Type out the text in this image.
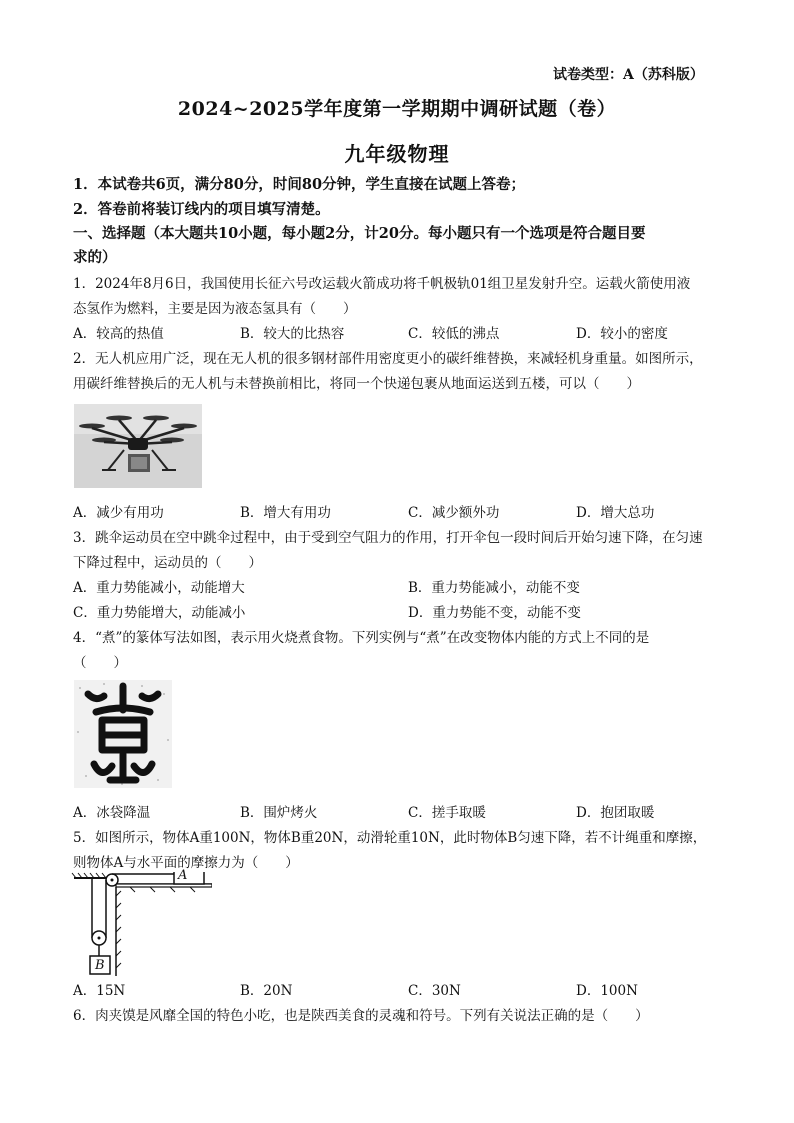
试卷类型：A（苏科版）
2024~2025学年度第一学期期中调研试题（卷）
九年级物理
1．本试卷共6页，满分80分，时间80分钟，学生直接在试题上答卷；
2．答卷前将装订线内的项目填写清楚。
一、选择题（本大题共10小题，每小题2分，计20分。每小题只有一个选项是符合题目要
求的）
1．2024年8月6日，我国使用长征六号改运载火箭成功将千帆极轨01组卫星发射升空。运载火箭使用液
态氢作为燃料，主要是因为液态氢具有（　　）
A．较高的热值	B．较大的比热容	C．较低的沸点	D．较小的密度
2．无人机应用广泛，现在无人机的很多钢材部件用密度更小的碳纤维替换，来减轻机身重量。如图所示，
用碳纤维替换后的无人机与未替换前相比，将同一个快递包裹从地面运送到五楼，可以（　　）
A．减少有用功	B．增大有用功	C．减少额外功	D．增大总功
3．跳伞运动员在空中跳伞过程中，由于受到空气阻力的作用，打开伞包一段时间后开始匀速下降，在匀速
下降过程中，运动员的（　　）
A．重力势能减小，动能增大	B．重力势能减小，动能不变
C．重力势能增大，动能减小	D．重力势能不变，动能不变
4．“煮”的篆体写法如图，表示用火烧煮食物。下列实例与“煮”在改变物体内能的方式上不同的是
（　　）
A．冰袋降温	B．围炉烤火	C．搓手取暖	D．抱团取暖
5．如图所示，物体A重100N，物体B重20N，动滑轮重10N，此时物体B匀速下降，若不计绳重和摩擦，
则物体A与水平面的摩擦力为（　　）
A
B
A．15N	B．20N	C．30N	D．100N
6．肉夹馍是风靡全国的特色小吃，也是陕西美食的灵魂和符号。下列有关说法正确的是（　　）
